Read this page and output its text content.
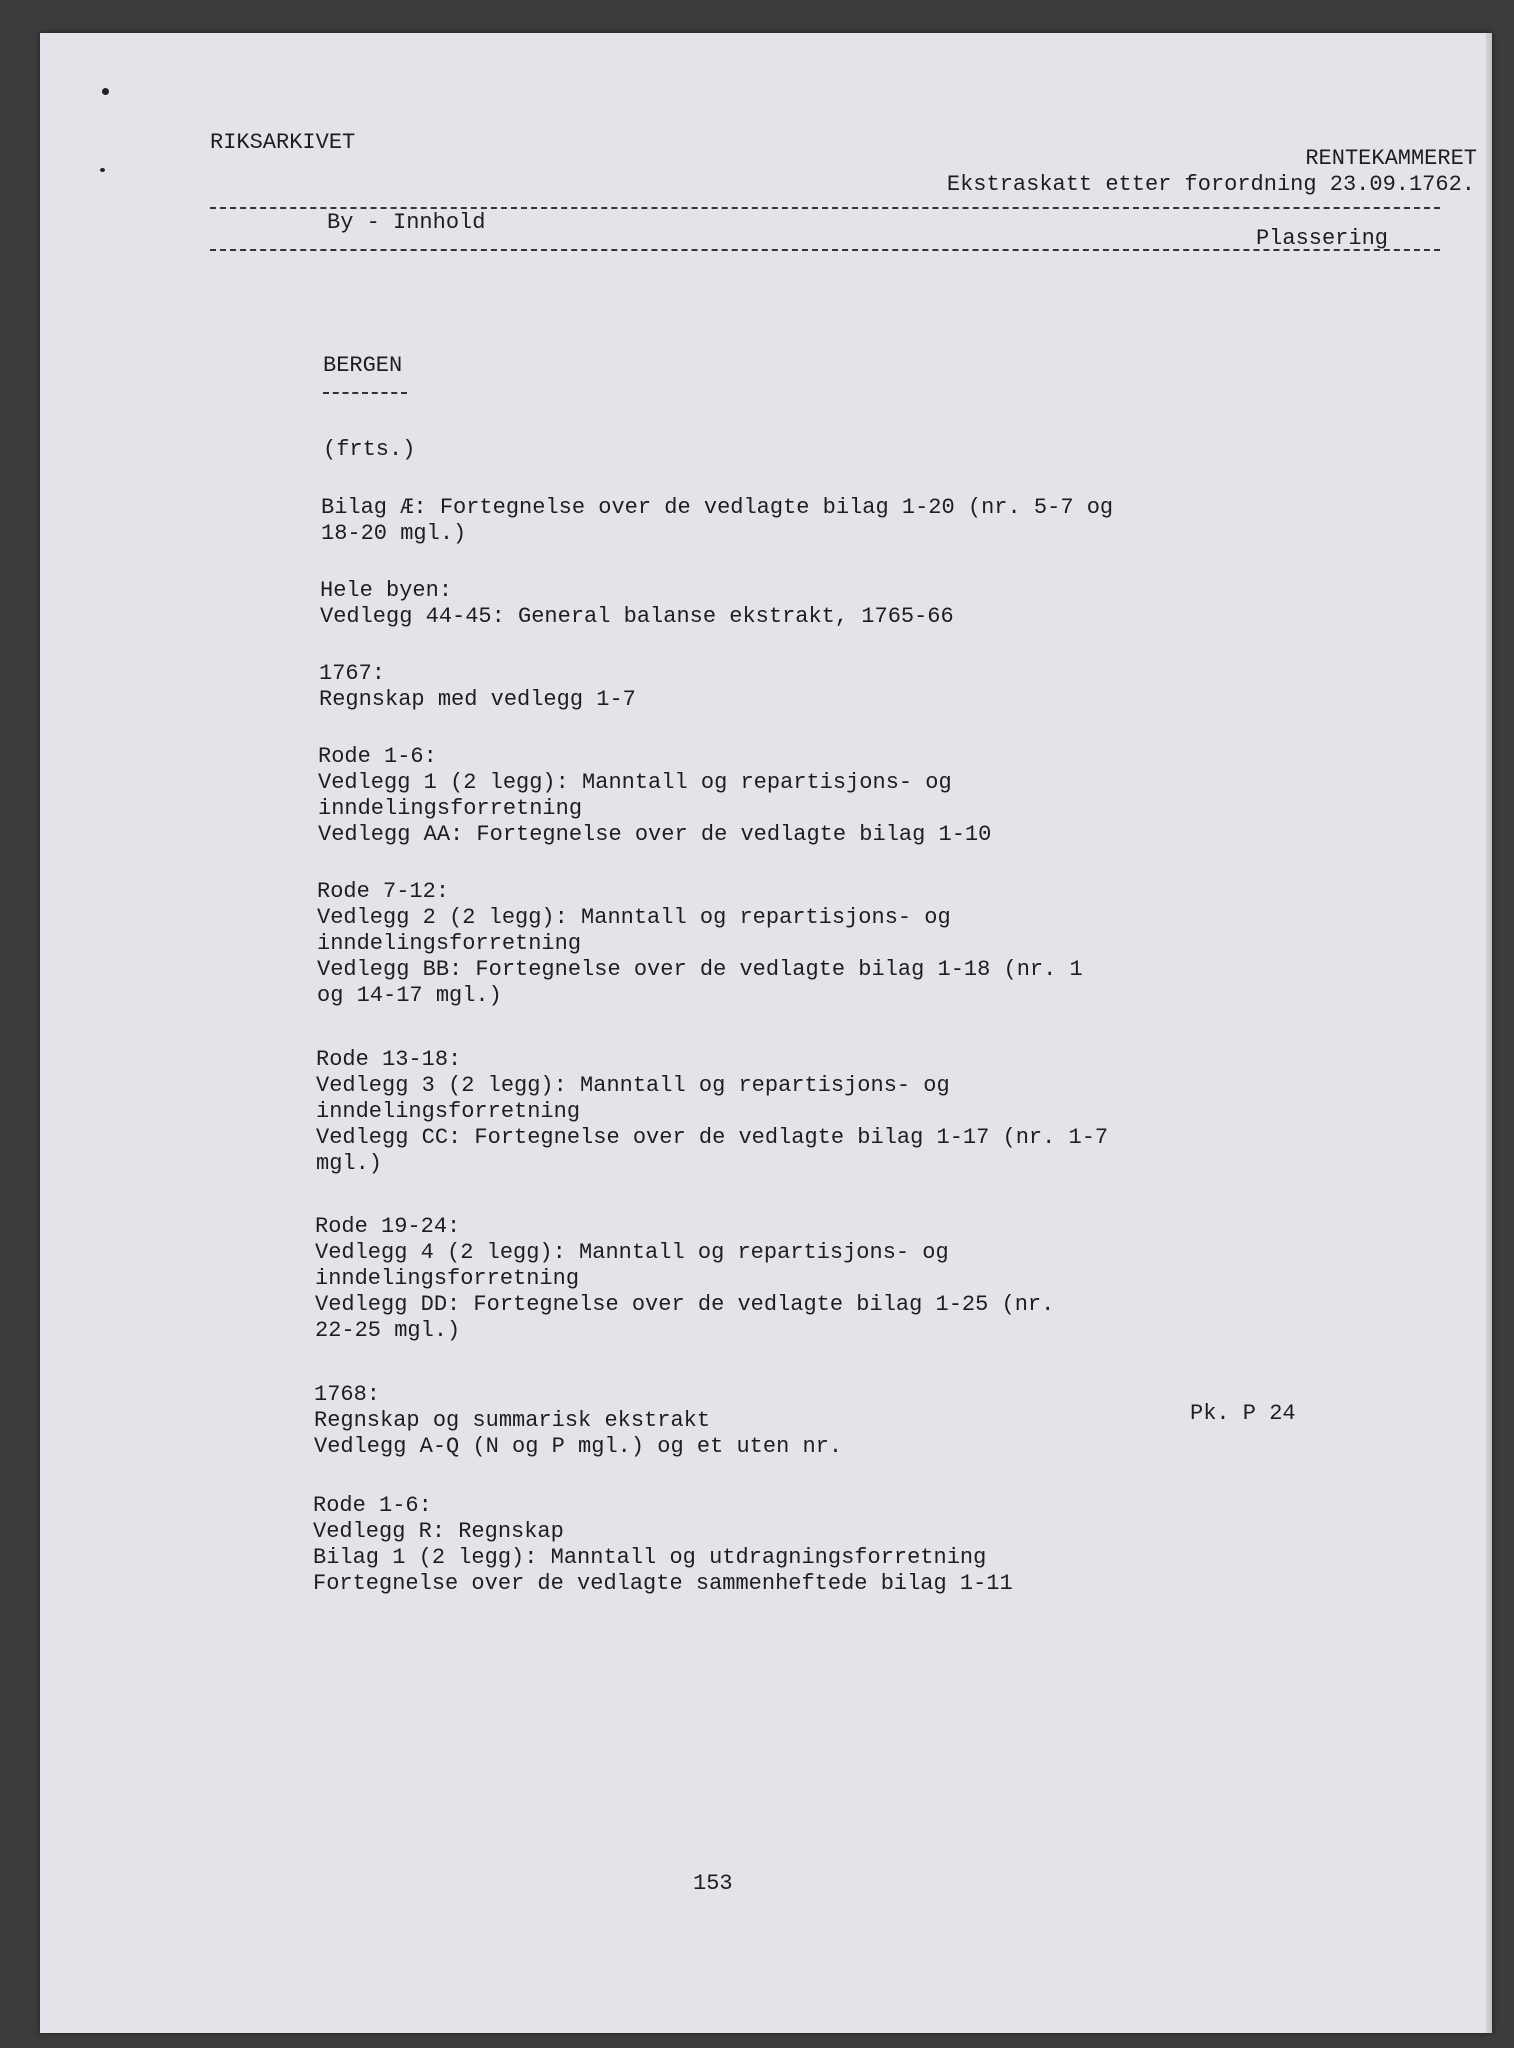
RIKSARKIVET
RENTEKAMMERET
Ekstraskatt etter forordning 23.09.1762.
By - Innhold
Plassering
BERGEN
(frts.)
Bilag Æ: Fortegnelse over de vedlagte bilag 1-20 (nr. 5-7 og
18-20 mgl.)
Hele byen:
Vedlegg 44-45: General balanse ekstrakt, 1765-66
1767:
Regnskap med vedlegg 1-7
Rode 1-6:
Vedlegg 1 (2 legg): Manntall og repartisjons- og
inndelingsforretning
Vedlegg AA: Fortegnelse over de vedlagte bilag 1-10
Rode 7-12:
Vedlegg 2 (2 legg): Manntall og repartisjons- og
inndelingsforretning
Vedlegg BB: Fortegnelse over de vedlagte bilag 1-18 (nr. 1
og 14-17 mgl.)
Rode 13-18:
Vedlegg 3 (2 legg): Manntall og repartisjons- og
inndelingsforretning
Vedlegg CC: Fortegnelse over de vedlagte bilag 1-17 (nr. 1-7
mgl.)
Rode 19-24:
Vedlegg 4 (2 legg): Manntall og repartisjons- og
inndelingsforretning
Vedlegg DD: Fortegnelse over de vedlagte bilag 1-25 (nr.
22-25 mgl.)
1768:
Regnskap og summarisk ekstrakt
Vedlegg A-Q (N og P mgl.) og et uten nr.
Rode 1-6:
Vedlegg R: Regnskap
Bilag 1 (2 legg): Manntall og utdragningsforretning
Fortegnelse over de vedlagte sammenheftede bilag 1-11
Pk. P 24
153
